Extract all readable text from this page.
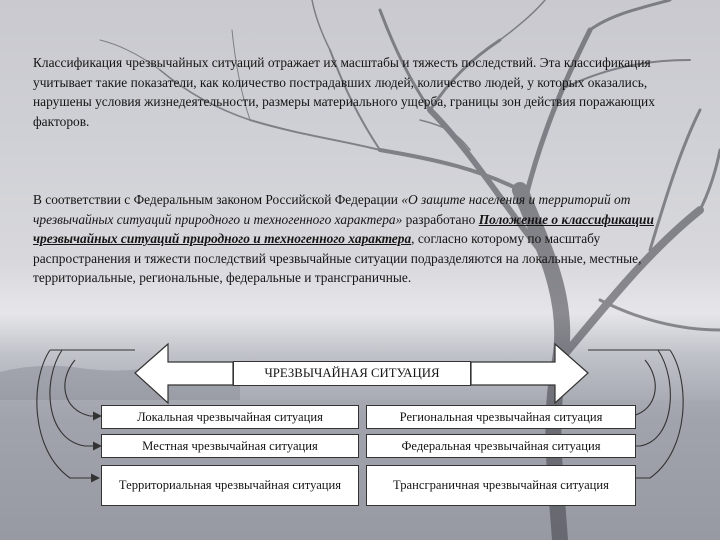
Классификация чрезвычайных ситуаций отражает их масштабы и тяжесть последствий. Эта классификация учитывает такие показатели, как количество пострадавших людей, количество людей, у которых оказались, нарушены условия жизнедеятельности, размеры материального ущерба, границы зон действия поражающих факторов.

В соответствии с Федеральным законом Российской Федерации «О защите населения и территорий от чрезвычайных ситуаций природного и техногенного характера» разработано Положение о классификации чрезвычайных ситуаций природного и техногенного характера, согласно которому по масштабу распространения и тяжести последствий чрезвычайные ситуации подразделяются на локальные, местные, территориальные, региональные, федеральные и трансграничные.

ЧРЕЗВЫЧАЙНАЯ СИТУАЦИЯ
Локальная чрезвычайная ситуация
Местная чрезвычайная ситуация
Территориальная чрезвычайная ситуация
Региональная чрезвычайная ситуация
Федеральная чрезвычайная ситуация
Трансграничная чрезвычайная ситуация
